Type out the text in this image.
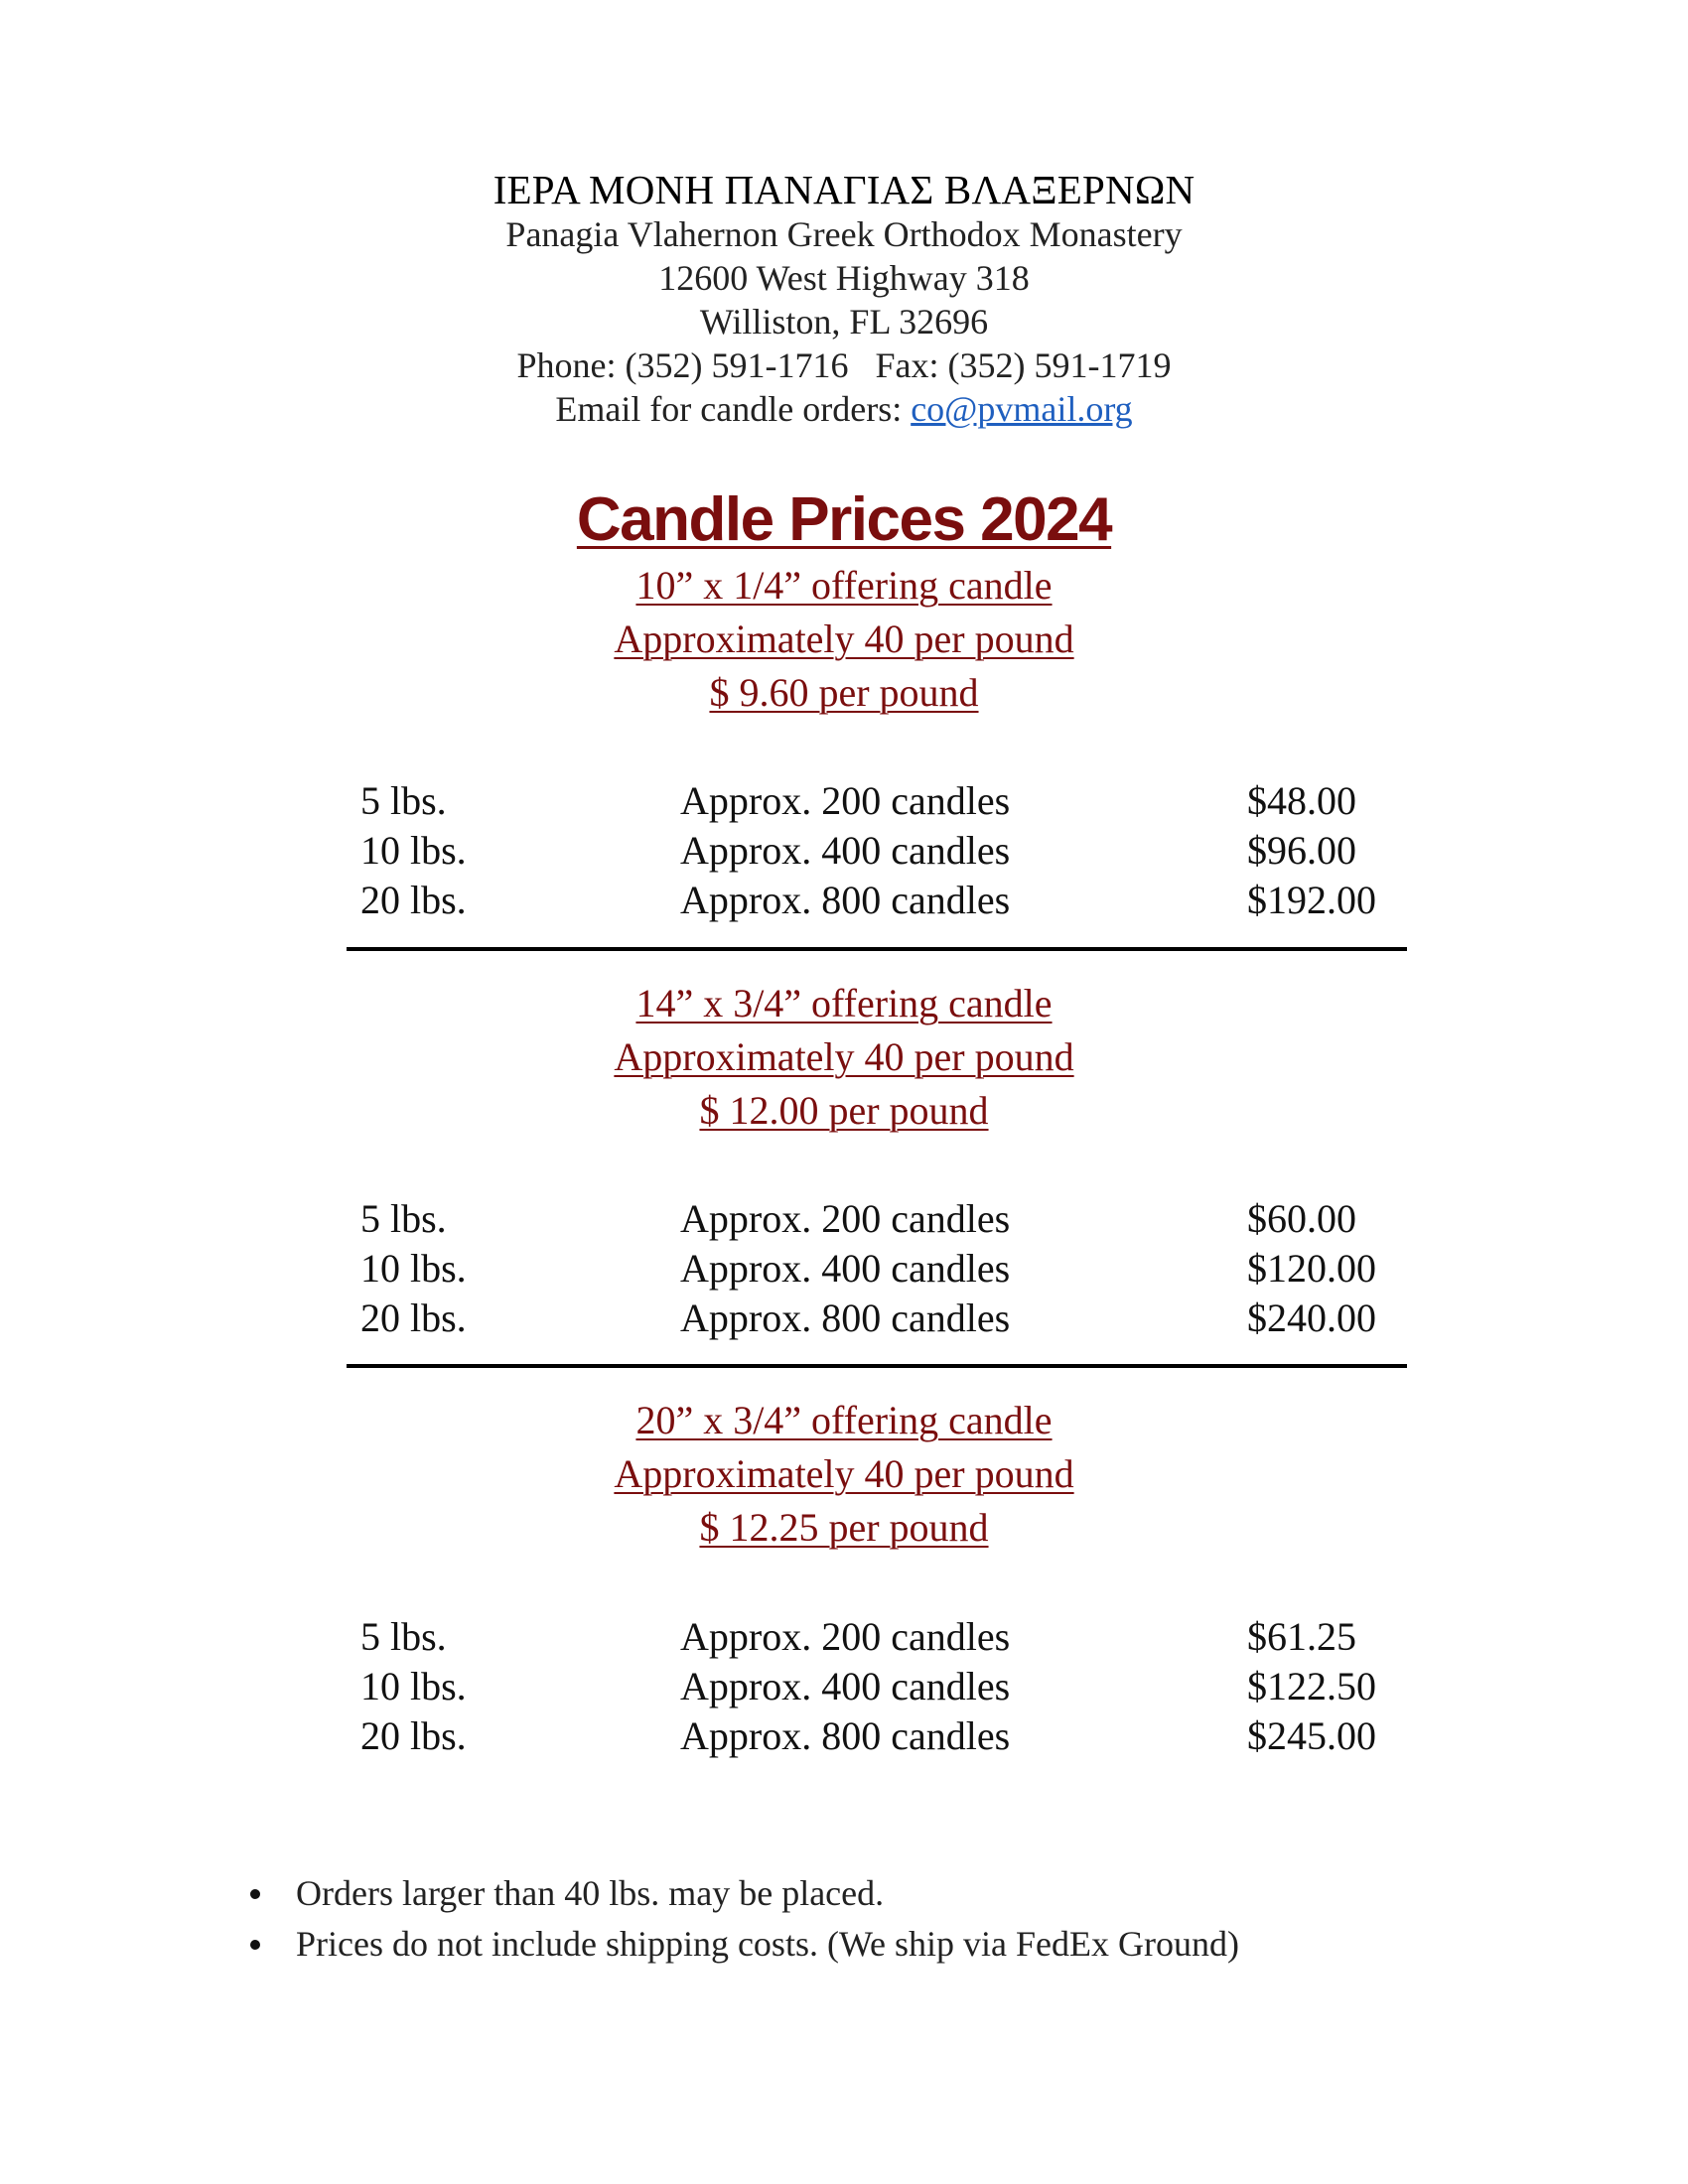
ΙΕΡΑ ΜΟΝΗ ΠΑΝΑΓΙΑΣ ΒΛΑΞΕΡΝΩΝ
Panagia Vlahernon Greek Orthodox Monastery
12600 West Highway 318
Williston, FL 32696
Phone: (352) 591-1716   Fax: (352) 591-1719
Email for candle orders: co@pvmail.org
Candle Prices 2024
10” x 1/4” offering candle
Approximately 40 per pound
$ 9.60 per pound
5 lbs.	Approx. 200 candles	$48.00
10 lbs.	Approx. 400 candles	$96.00
20 lbs.	Approx. 800 candles	$192.00
14” x 3/4” offering candle
Approximately 40 per pound
$ 12.00 per pound
5 lbs.	Approx. 200 candles	$60.00
10 lbs.	Approx. 400 candles	$120.00
20 lbs.	Approx. 800 candles	$240.00
20” x 3/4” offering candle
Approximately 40 per pound
$ 12.25 per pound
5 lbs.	Approx. 200 candles	$61.25
10 lbs.	Approx. 400 candles	$122.50
20 lbs.	Approx. 800 candles	$245.00
Orders larger than 40 lbs. may be placed.
Prices do not include shipping costs. (We ship via FedEx Ground)
